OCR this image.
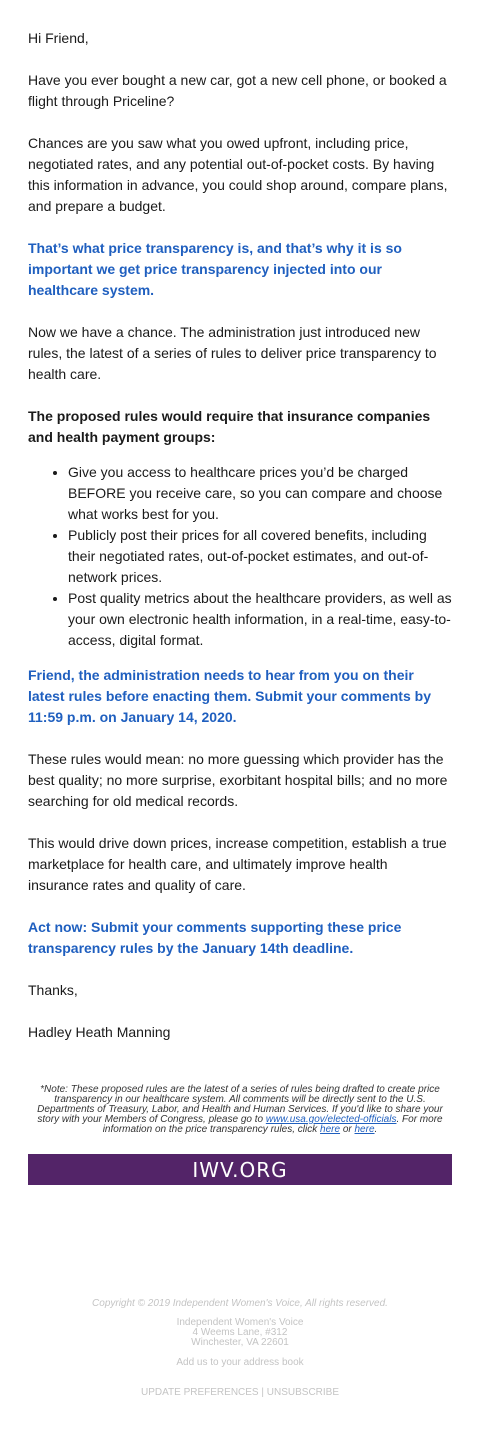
Hi Friend,

Have you ever bought a new car, got a new cell phone, or booked a flight through Priceline?

Chances are you saw what you owed upfront, including price, negotiated rates, and any potential out-of-pocket costs. By having this information in advance, you could shop around, compare plans, and prepare a budget.

That’s what price transparency is, and that’s why it is so important we get price transparency injected into our healthcare system.

Now we have a chance. The administration just introduced new rules, the latest of a series of rules to deliver price transparency to health care.

The proposed rules would require that insurance companies and health payment groups:

• Give you access to healthcare prices you’d be charged BEFORE you receive care, so you can compare and choose what works best for you.
• Publicly post their prices for all covered benefits, including their negotiated rates, out-of-pocket estimates, and out-of-network prices.
• Post quality metrics about the healthcare providers, as well as your own electronic health information, in a real-time, easy-to-access, digital format.

Friend, the administration needs to hear from you on their latest rules before enacting them. Submit your comments by 11:59 p.m. on January 14, 2020.

These rules would mean: no more guessing which provider has the best quality; no more surprise, exorbitant hospital bills; and no more searching for old medical records.

This would drive down prices, increase competition, establish a true marketplace for health care, and ultimately improve health insurance rates and quality of care.

Act now: Submit your comments supporting these price transparency rules by the January 14th deadline.

Thanks,

Hadley Heath Manning

*Note: These proposed rules are the latest of a series of rules being drafted to create price transparency in our healthcare system. All comments will be directly sent to the U.S. Departments of Treasury, Labor, and Health and Human Services. If you'd like to share your story with your Members of Congress, please go to www.usa.gov/elected-officials. For more information on the price transparency rules, click here or here.
IWV.ORG
Copyright © 2019 Independent Women's Voice, All rights reserved.
Independent Women's Voice
4 Weems Lane, #312
Winchester, VA 22601
Add us to your address book
UPDATE PREFERENCES | UNSUBSCRIBE
